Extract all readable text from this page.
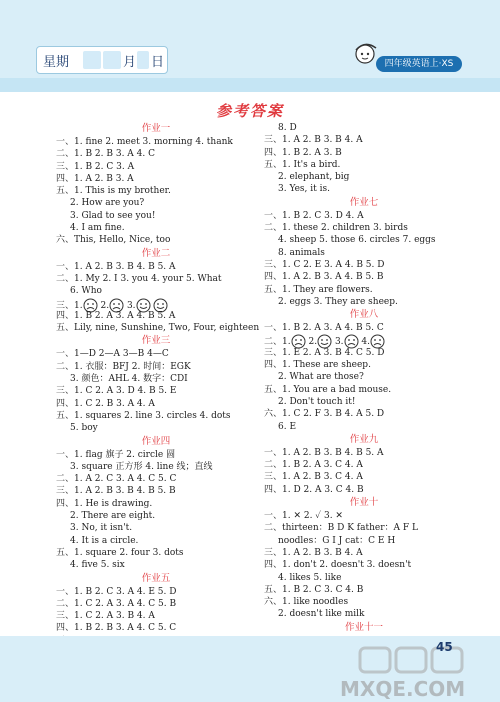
星期	月 日	四年级英语上·XS
参考答案
作业一
一、1. fine 2. meet 3. morning 4. thank
二、1. B 2. B 3. A 4. C
三、1. B 2. C 3. A
四、1. A 2. B 3. A
五、1. This is my brother.
2. How are you?
3. Glad to see you!
4. I am fine.
六、This, Hello, Nice, too
作业二
一、1. A 2. B 3. B 4. B 5. A
二、1. My 2. I 3. you 4. your 5. What
6. Who
三、1. 2. 3.
四、1. B 2. A 3. A 4. B 5. A
五、Lily, nine, Sunshine, Two, Four, eighteen
作业三
一、1—D 2—A 3—B 4—C
二、1. 衣服：BFJ 2. 时间：EGK
3. 颜色：AHL 4. 数字：CDI
三、1. C 2. A 3. D 4. B 5. E
四、1. C 2. B 3. A 4. A
五、1. squares 2. line 3. circles 4. dots
5. boy
作业四
一、1. flag 旗子 2. circle 圆
3. square 正方形 4. line 线；直线
二、1. A 2. C 3. A 4. C 5. C
三、1. A 2. B 3. B 4. B 5. B
四、1. He is drawing.
2. There are eight.
3. No, it isn't.
4. It is a circle.
五、1. square 2. four 3. dots
4. five 5. six
作业五
一、1. B 2. C 3. A 4. E 5. D
二、1. C 2. A 3. A 4. C 5. B
三、1. C 2. A 3. B 4. A
四、1. B 2. B 3. A 4. C 5. C
8. D
三、1. A 2. B 3. B 4. A
四、1. B 2. A 3. B
五、1. It's a bird.
2. elephant, big
3. Yes, it is.
作业七
一、1. B 2. C 3. D 4. A
二、1. these 2. children 3. birds
4. sheep 5. those 6. circles 7. eggs
8. animals
三、1. C 2. E 3. A 4. B 5. D
四、1. A 2. B 3. A 4. B 5. B
五、1. They are flowers.
2. eggs 3. They are sheep.
作业八
一、1. B 2. A 3. A 4. B 5. C
二、1. 2. 3. 4.
三、1. E 2. A 3. B 4. C 5. D
四、1. These are sheep.
2. What are those?
五、1. You are a bad mouse.
2. Don't touch it!
六、1. C 2. F 3. B 4. A 5. D
6. E
作业九
一、1. A 2. B 3. B 4. B 5. A
二、1. B 2. A 3. C 4. A
三、1. A 2. B 3. C 4. A
四、1. D 2. A 3. C 4. B
作业十
一、1. ✕ 2. ✓ 3. ✕
二、thirteen：B D K father：A F L
noodles：G I J cat：C E H
三、1. A 2. B 3. B 4. A
四、1. don't 2. doesn't 3. doesn't
4. likes 5. like
五、1. B 2. C 3. C 4. B
六、1. like noodles
2. doesn't like milk
作业十一
MXQE.COM
45
